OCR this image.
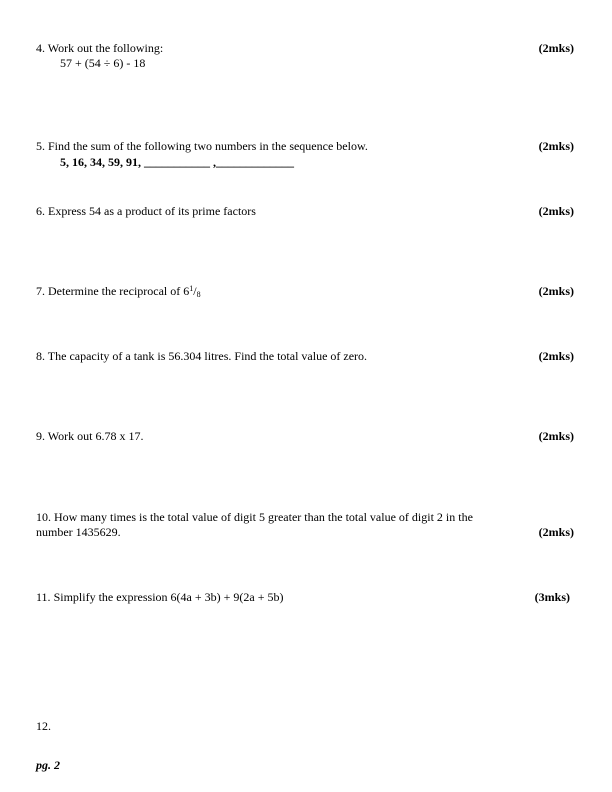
4. Work out the following:
57 + (54 ÷ 6) - 18
(2mks)
5. Find the sum of the following two numbers in the sequence below.
5, 16, 34, 59, 91, ___________ ,_____________
(2mks)
6. Express 54 as a product of its prime factors	(2mks)
7. Determine the reciprocal of $6^1/_8$	(2mks)
8. The capacity of a tank is 56.304 litres. Find the total value of zero.	(2mks)
9. Work out 6.78 x 17.	(2mks)
10. How many times is the total value of digit 5 greater than the total value of digit 2 in the
number 1435629.	(2mks)
11. Simplify the expression 6(4a + 3b) + 9(2a + 5b)	(3mks)
12.
pg. 2
